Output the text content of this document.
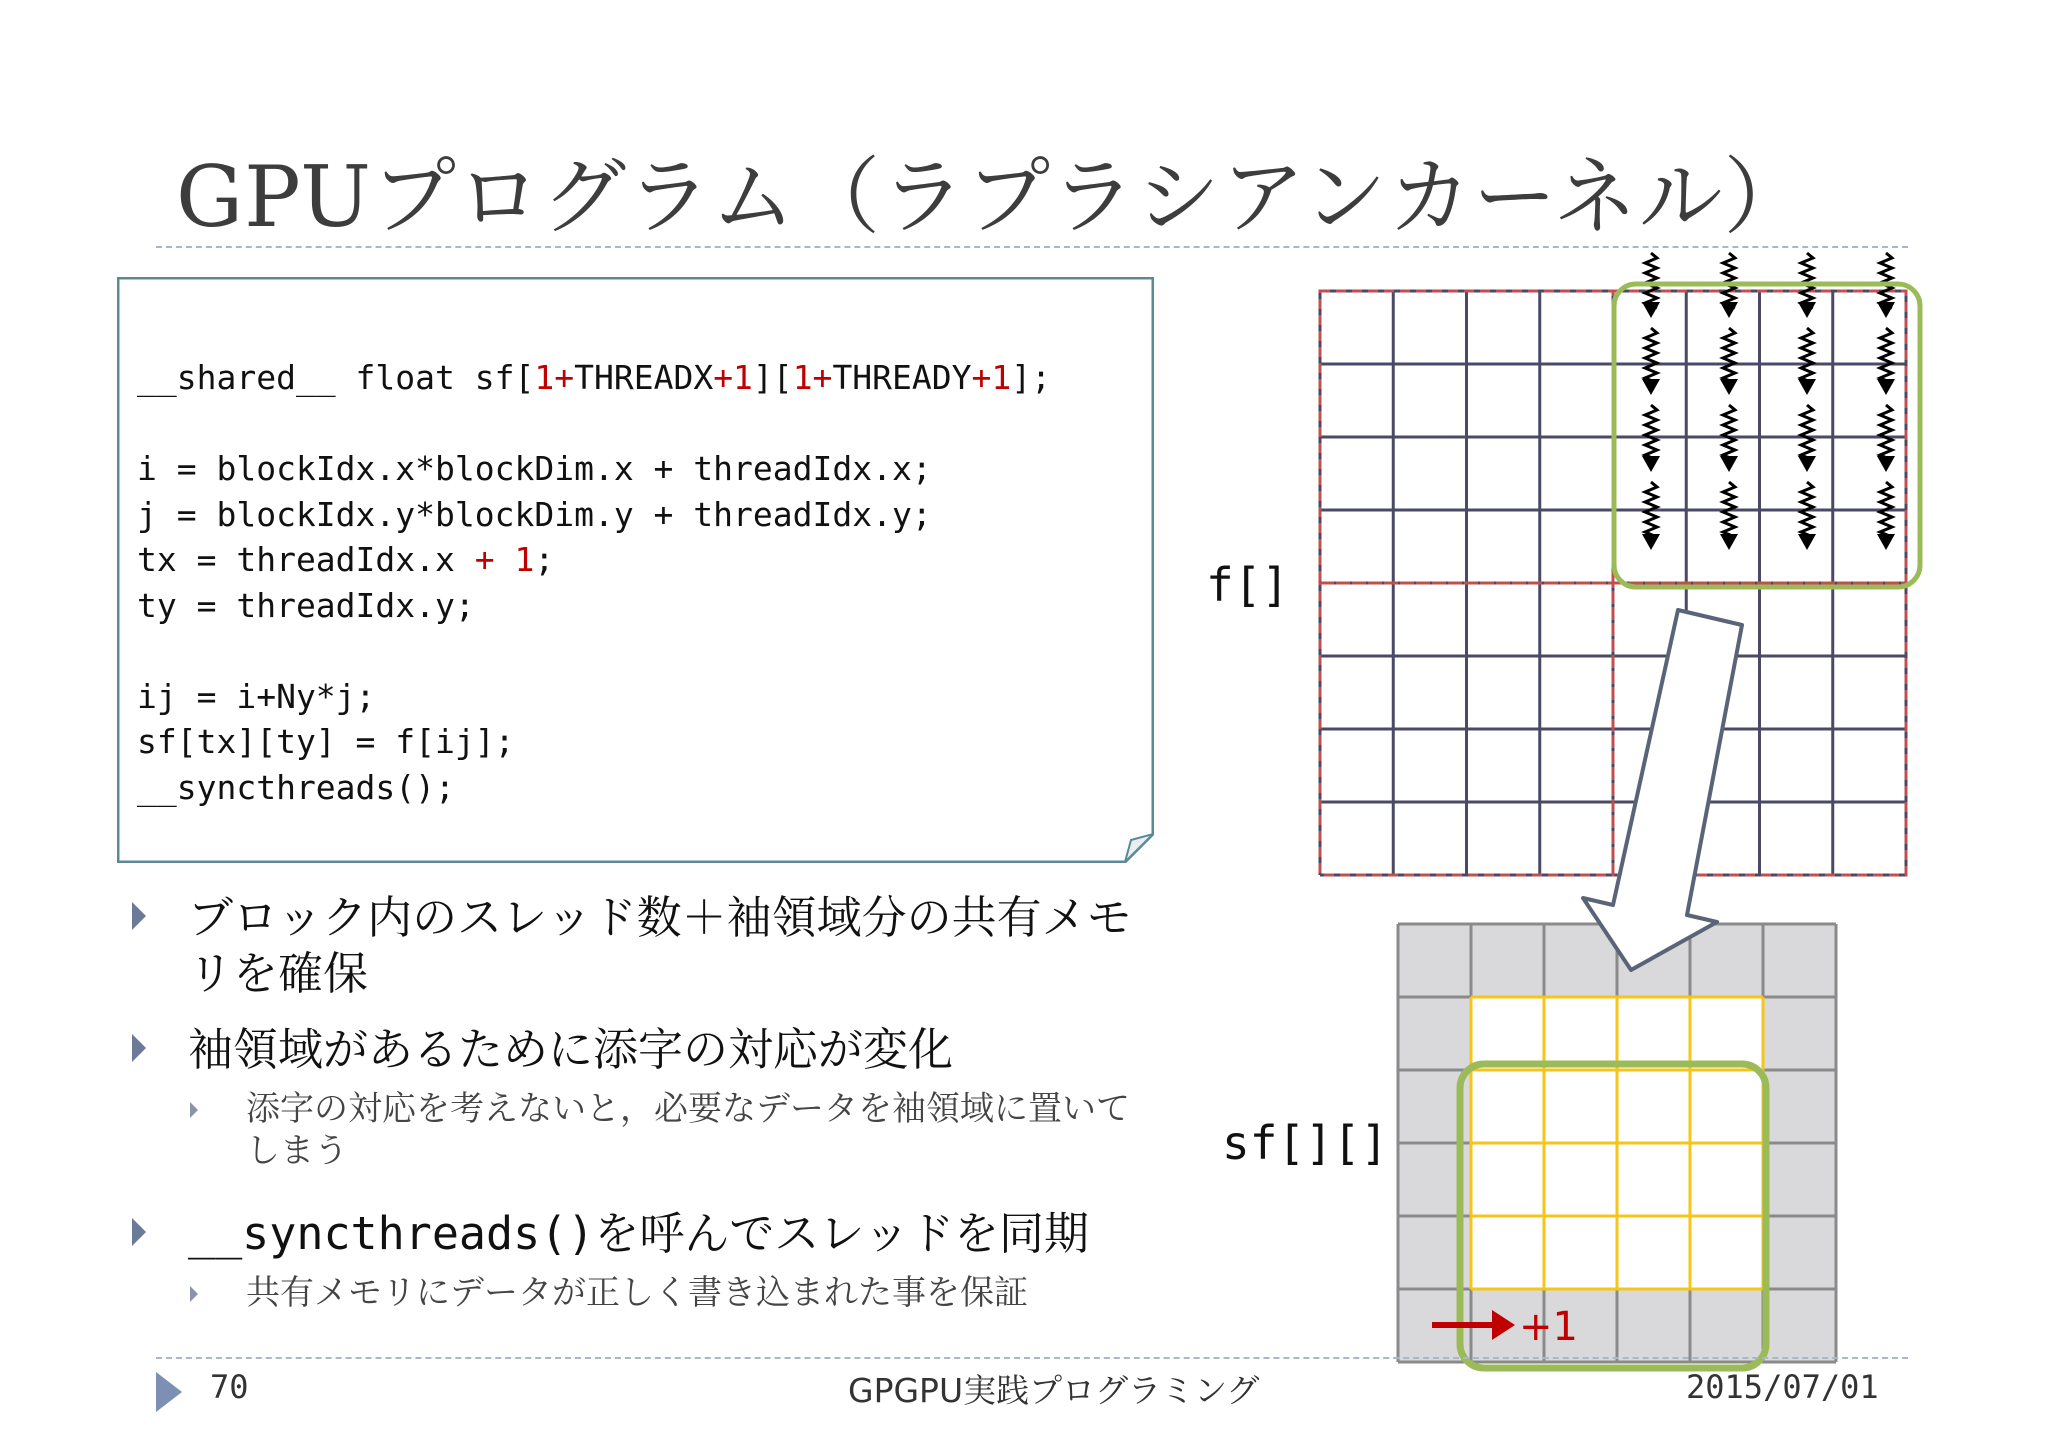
GPUプログラム（ラプラシアンカーネル）
__shared__ float sf[1+THREADX+1][1+THREADY+1];

i = blockIdx.x*blockDim.x + threadIdx.x;
j = blockIdx.y*blockDim.y + threadIdx.y;
tx = threadIdx.x + 1;
ty = threadIdx.y;

ij = i+Ny*j;
sf[tx][ty] = f[ij];
__syncthreads();
ブロック内のスレッド数＋袖領域分の共有メモリを確保
袖領域があるために添字の対応が変化
添字の対応を考えないと，必要なデータを袖領域に置いてしまう
__syncthreads()を呼んでスレッドを同期
共有メモリにデータが正しく書き込まれた事を保証
+1
f[]
sf[][]
70	GPGPU実践プログラミング	2015/07/01
